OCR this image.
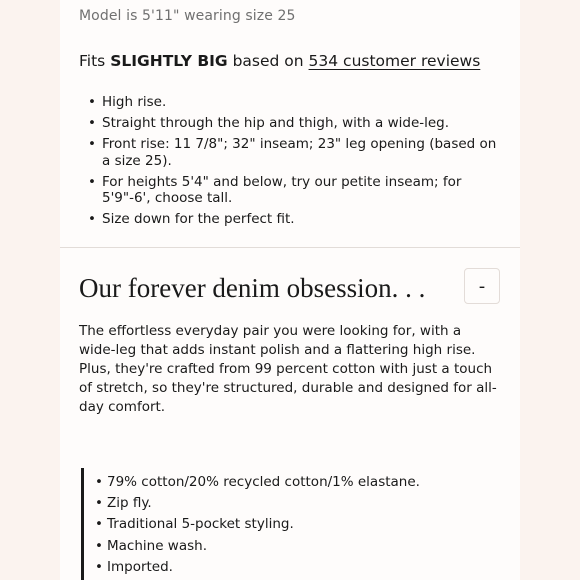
Model is 5'11" wearing size 25
Fits SLIGHTLY BIG based on 534 customer reviews
• High rise.
• Straight through the hip and thigh, with a wide-leg.
• Front rise: 11 7/8"; 32" inseam; 23" leg opening (based on a size 25).
• For heights 5'4" and below, try our petite inseam; for 5'9"-6', choose tall.
• Size down for the perfect fit.
Our forever denim obsession. . .	-
The effortless everyday pair you were looking for, with a wide-leg that adds instant polish and a flattering high rise. Plus, they're crafted from 99 percent cotton with just a touch of stretch, so they're structured, durable and designed for all-day comfort.
• 79% cotton/20% recycled cotton/1% elastane.
• Zip fly.
• Traditional 5-pocket styling.
• Machine wash.
• Imported.
